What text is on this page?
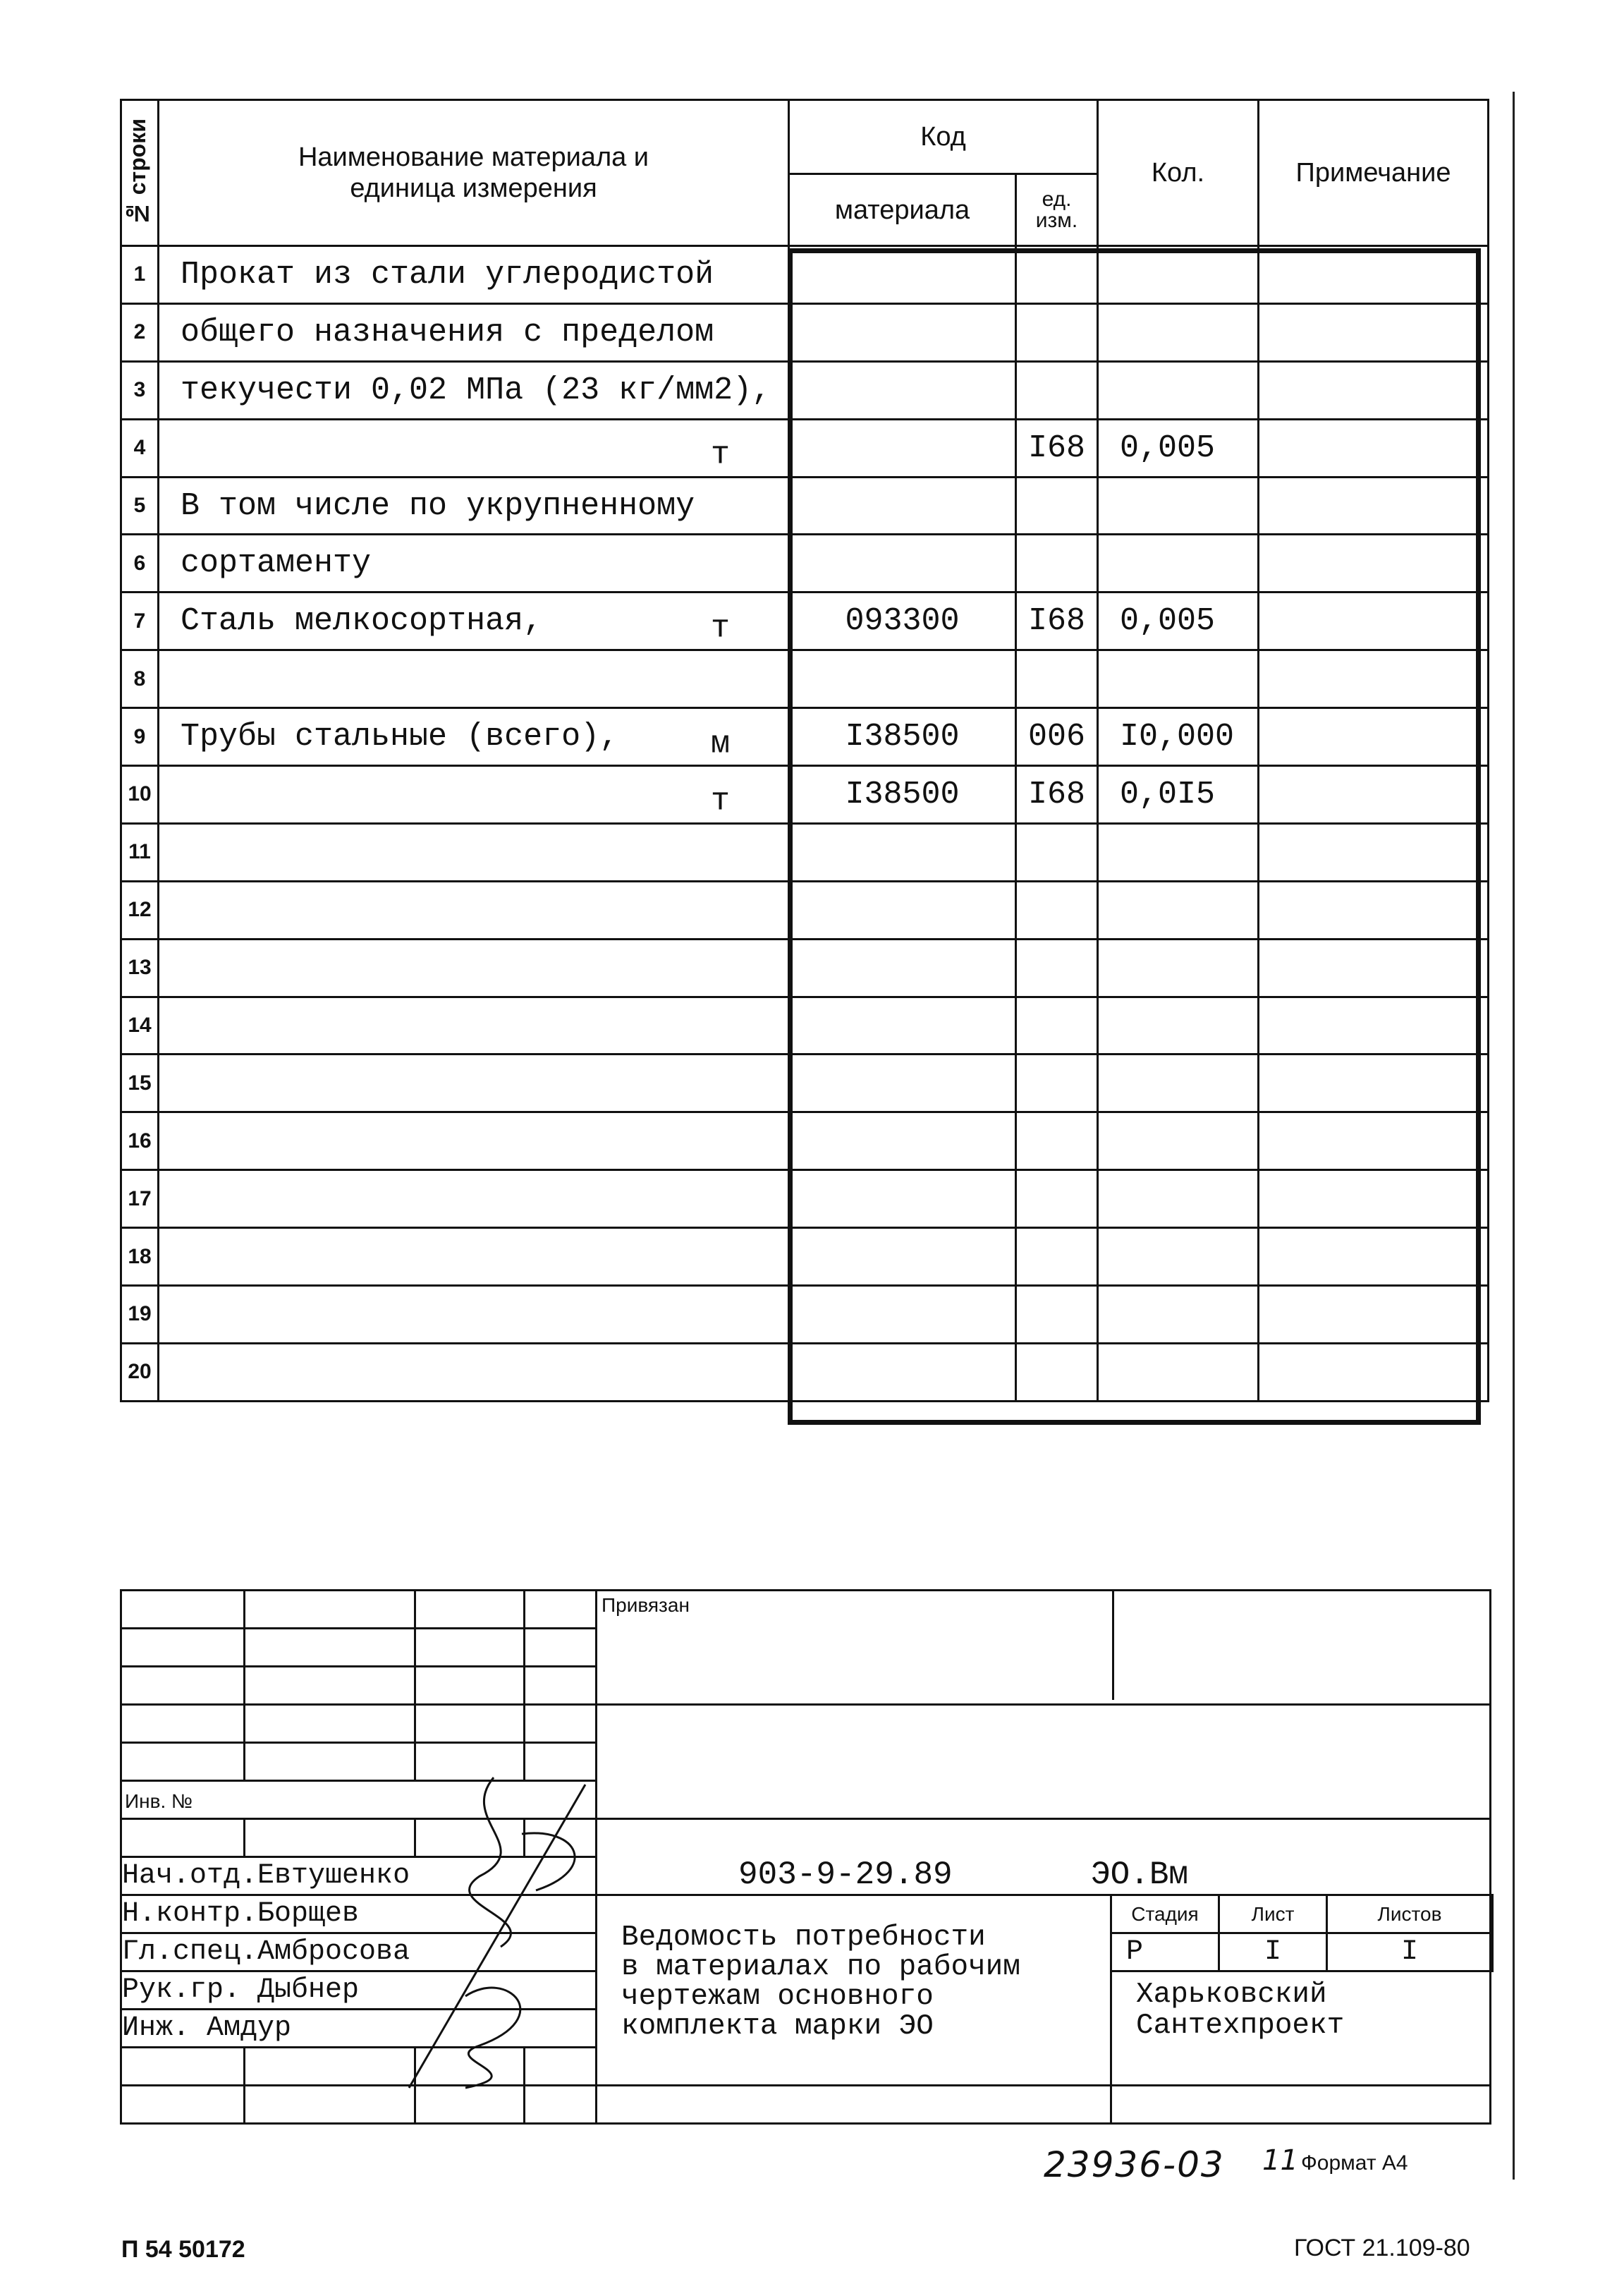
№ строки	Наименование материала и единица измерения	Код		Кол.	Примечание
		материала	ед. изм.		

1	Прокат из стали углеродистой

2	общего назначения с пределом

3	текучести 0,02 МПа (23 кг/мм2),

4	т		I68	0,005	
5	В том числе по укрупненному

6	сортаменту

7	Сталь мелкосортная, т	093300	I68	0,005	
8	

9	Трубы стальные (всего), м	I38500	006	I0,000	
10	т	I38500	I68	0,0I5	
11	

12	

13	

14	

15	

16	

17	

18	

19	

20	

Привязан

Инв. №

903-9-29.89	ЭО.Вм

Нач.отд.Евтушенко
Н.контр.Борщев	
Ведомость потребности
в материалах по рабочим
чертежам основного
комплекта марки ЭО

Стадия	Лист	Листов
Р	I	I
Харьковский
Сантехпроект

Гл.спец.Амбросова
Рук.гр. Дыбнер
Инж. Амдур

23936-03 11 Формат А4
П 54 50172	ГОСТ 21.109-80
